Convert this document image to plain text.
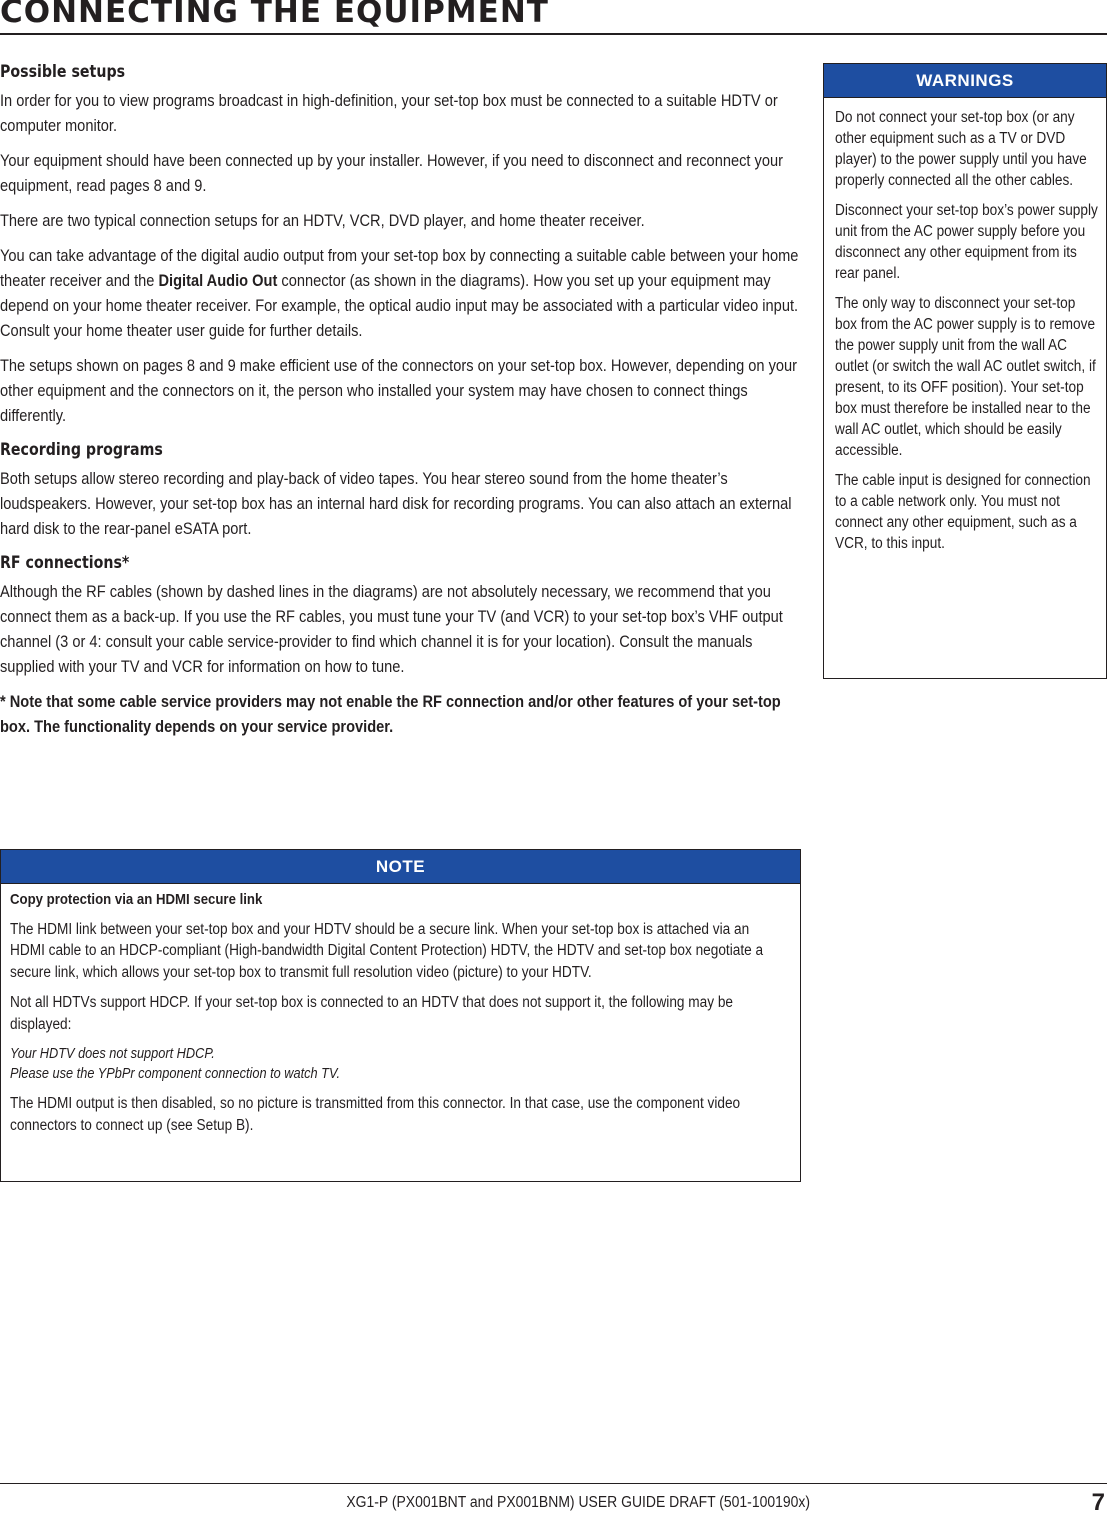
CONNECTING THE EQUIPMENT
Possible setups

In order for you to view programs broadcast in high-definition, your set-top box must be connected to a suitable HDTV or computer monitor.

Your equipment should have been connected up by your installer. However, if you need to disconnect and reconnect your equipment, read pages 8 and 9.

There are two typical connection setups for an HDTV, VCR, DVD player, and home theater receiver.

You can take advantage of the digital audio output from your set-top box by connecting a suitable cable between your home theater receiver and the Digital Audio Out connector (as shown in the diagrams). How you set up your equipment may depend on your home theater receiver. For example, the optical audio input may be associated with a particular video input. Consult your home theater user guide for further details.

The setups shown on pages 8 and 9 make efficient use of the connectors on your set-top box. However, depending on your other equipment and the connectors on it, the person who installed your system may have chosen to connect things differently.

Recording programs

Both setups allow stereo recording and play-back of video tapes. You hear stereo sound from the home theater’s loudspeakers. However, your set-top box has an internal hard disk for recording programs. You can also attach an external hard disk to the rear-panel eSATA port.

RF connections*

Although the RF cables (shown by dashed lines in the diagrams) are not absolutely necessary, we recommend that you connect them as a back-up. If you use the RF cables, you must tune your TV (and VCR) to your set-top box’s VHF output channel (3 or 4: consult your cable service-provider to find which channel it is for your location). Consult the manuals supplied with your TV and VCR for information on how to tune.

* Note that some cable service providers may not enable the RF connection and/or other features of your set-top box. The functionality depends on your service provider.

WARNINGS

Do not connect your set-top box (or any other equipment such as a TV or DVD player) to the power supply until you have properly connected all the other cables.

Disconnect your set-top box’s power supply unit from the AC power supply before you disconnect any other equipment from its rear panel.

The only way to disconnect your set-top box from the AC power supply is to remove the power supply unit from the wall AC outlet (or switch the wall AC outlet switch, if present, to its OFF position). Your set-top box must therefore be installed near to the wall AC outlet, which should be easily accessible.

The cable input is designed for connection to a cable network only. You must not connect any other equipment, such as a VCR, to this input.

NOTE

Copy protection via an HDMI secure link

The HDMI link between your set-top box and your HDTV should be a secure link. When your set-top box is attached via an HDMI cable to an HDCP-compliant (High-bandwidth Digital Content Protection) HDTV, the HDTV and set-top box negotiate a secure link, which allows your set-top box to transmit full resolution video (picture) to your HDTV.

Not all HDTVs support HDCP. If your set-top box is connected to an HDTV that does not support it, the following may be displayed:

Your HDTV does not support HDCP.
Please use the YPbPr component connection to watch TV.

The HDMI output is then disabled, so no picture is transmitted from this connector. In that case, use the component video connectors to connect up (see Setup B).

XG1-P (PX001BNT and PX001BNM) USER GUIDE DRAFT (501-100190x)	7
